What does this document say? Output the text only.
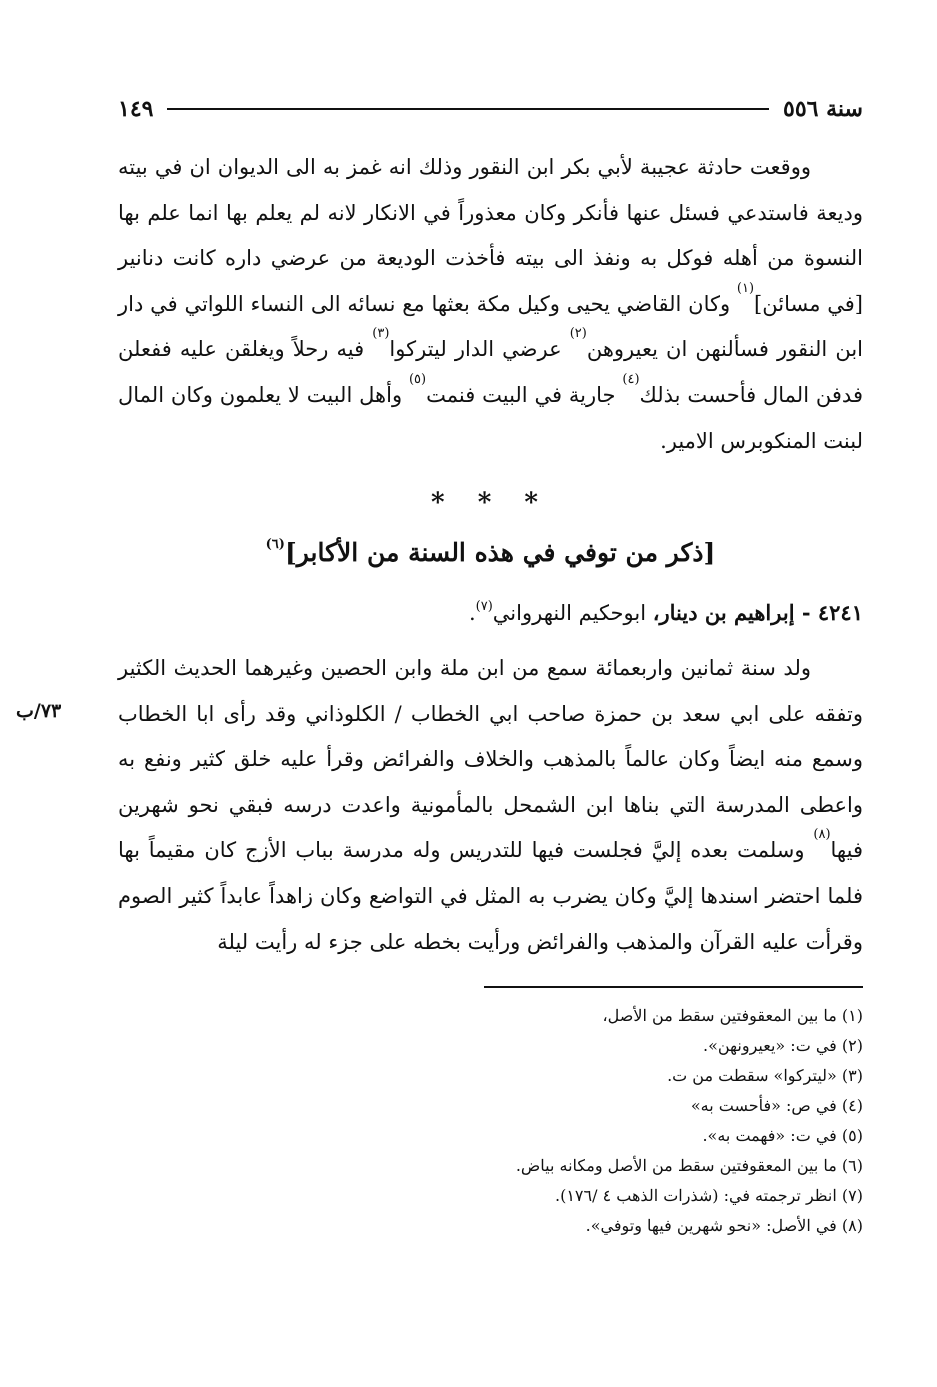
سنة ٥٥٦
١٤٩

ووقعت حادثة عجيبة لأبي بكر ابن النقور وذلك انه غمز به الى الديوان ان في بيته وديعة فاستدعي فسئل عنها فأنكر وكان معذوراً في الانكار لانه لم يعلم بها انما علم بها النسوة من أهله فوكل به ونفذ الى بيته فأخذت الوديعة من عرضي داره كانت دنانير [في مسائن]$^{(١)}$ وكان القاضي يحيى وكيل مكة بعثها مع نسائه الى النساء اللواتي في دار ابن النقور فسألنهن ان يعيروهن$^{(٢)}$ عرضي الدار ليتركوا$^{(٣)}$ فيه رحلاً ويغلقن عليه ففعلن فدفن المال فأحست بذلك$^{(٤)}$ جارية في البيت فنمت$^{(٥)}$ وأهل البيت لا يعلمون وكان المال لبنت المنكوبرس الامير.

* * *
[ذكر من توفي في هذه السنة من الأكابر]$^{(٦)}$
٤٢٤١ - إبراهيم بن دينار، ابوحكيم النهرواني$^{(٧)}$.

ولد سنة ثمانين واربعمائة سمع من ابن ملة وابن الحصين وغيرهما الحديث الكثير وتفقه على ابي سعد بن حمزة صاحب ابي الخطاب / الكلوذاني وقد رأى ابا الخطاب وسمع منه ايضاً وكان عالماً بالمذهب والخلاف والفرائض وقرأ عليه خلق كثير ونفع به واعطى المدرسة التي بناها ابن الشمحل بالمأمونية واعدت درسه فبقي نحو شهرين فيها$^{(٨)}$ وسلمت بعده إليَّ فجلست فيها للتدريس وله مدرسة بباب الأزج كان مقيماً بها فلما احتضر اسندها إليَّ وكان يضرب به المثل في التواضع وكان زاهداً عابداً كثير الصوم وقرأت عليه القرآن والمذهب والفرائض ورأيت بخطه على جزء له رأيت ليلة

٧٣/ب
(١) ما بين المعقوفتين سقط من الأصل،
(٢) في ت: «يعيرونهن».
(٣) «ليتركوا» سقطت من ت.
(٤) في ص: «فأحست به»
(٥) في ت: «فهمت به».
(٦) ما بين المعقوفتين سقط من الأصل ومكانه بياض.
(٧) انظر ترجمته في: (شذرات الذهب ٤ /١٧٦).
(٨) في الأصل: «نحو شهرين فيها وتوفي».
